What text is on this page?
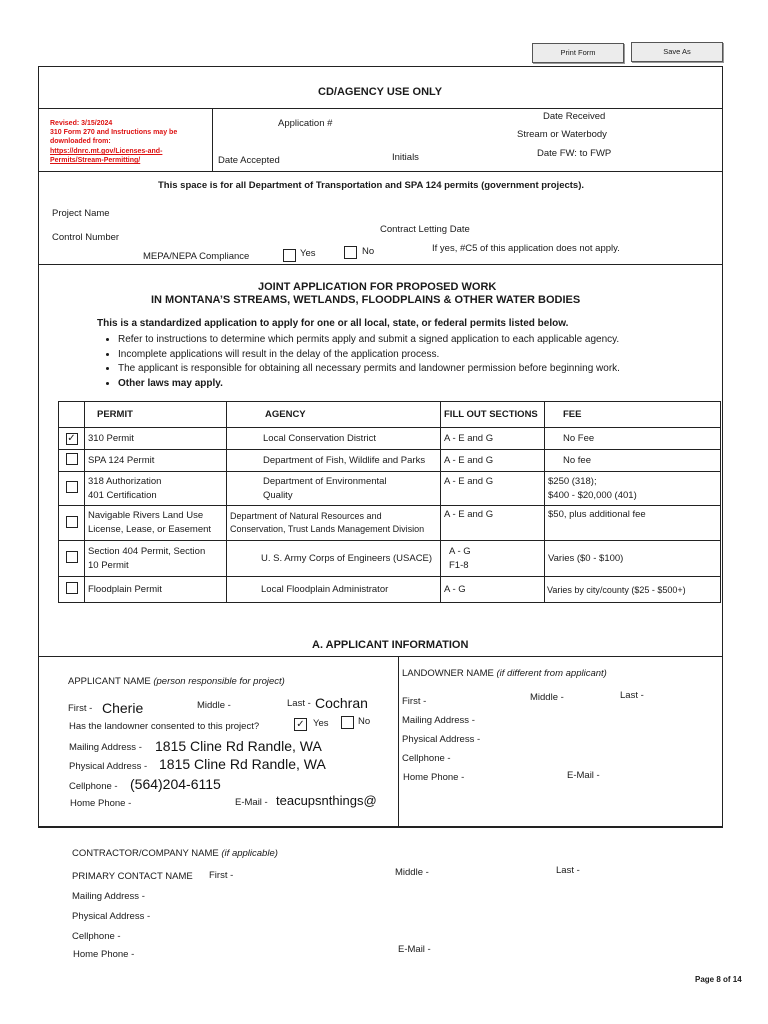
Print Form	Save As
CD/AGENCY USE ONLY
Revised: 3/15/2024
310 Form 270 and Instructions may be
downloaded from:
https://dnrc.mt.gov/Licenses-and-
Permits/Stream-Permitting/
Application #
Date Accepted	Initials
Date Received
Stream or Waterbody
Date FW: to FWP
This space is for all Department of Transportation and SPA 124 permits (government projects).
Project Name
Control Number
Contract Letting Date
MEPA/NEPA Compliance	Yes	No	If yes, #C5 of this application does not apply.
JOINT APPLICATION FOR PROPOSED WORK
IN MONTANA’S STREAMS, WETLANDS, FLOODPLAINS & OTHER WATER BODIES
This is a standardized application to apply for one or all local, state, or federal permits listed below.
• Refer to instructions to determine which permits apply and submit a signed application to each applicable agency.
• Incomplete applications will result in the delay of the application process.
• The applicant is responsible for obtaining all necessary permits and landowner permission before beginning work.
• Other laws may apply.
	PERMIT	AGENCY	FILL OUT SECTIONS	FEE
✓	310 Permit	Local Conservation District	A - E and G	No Fee
	SPA 124 Permit	Department of Fish, Wildlife and Parks	A - E and G	No fee
	318 Authorization
401 Certification	Department of Environmental
Quality	A - E and G	$250 (318);
$400 - $20,000 (401)
	Navigable Rivers Land Use
License, Lease, or Easement	Department of Natural Resources and
Conservation, Trust Lands Management Division	A - E and G	$50, plus additional fee
	Section 404 Permit, Section
10 Permit	U. S. Army Corps of Engineers (USACE)	A - G
F1-8	Varies ($0 - $100)
	Floodplain Permit	Local Floodplain Administrator	A - G	Varies by city/county ($25 - $500+)
A. APPLICANT INFORMATION
APPLICANT NAME (person responsible for project)
First - Cherie	Middle -	Last - Cochran
Has the landowner consented to this project?	✓ Yes	No
Mailing Address - 1815 Cline Rd Randle, WA
Physical Address - 1815 Cline Rd Randle, WA
Cellphone - (564)204-6115
Home Phone -	E-Mail - teacupsnthings@
LANDOWNER NAME (if different from applicant)
First -	Middle -	Last -
Mailing Address -
Physical Address -
Cellphone -
Home Phone -	E-Mail -
CONTRACTOR/COMPANY NAME (if applicable)
PRIMARY CONTACT NAME First -	Middle -	Last -
Mailing Address -
Physical Address -
Cellphone -
Home Phone -	E-Mail -
Page 8 of 14
